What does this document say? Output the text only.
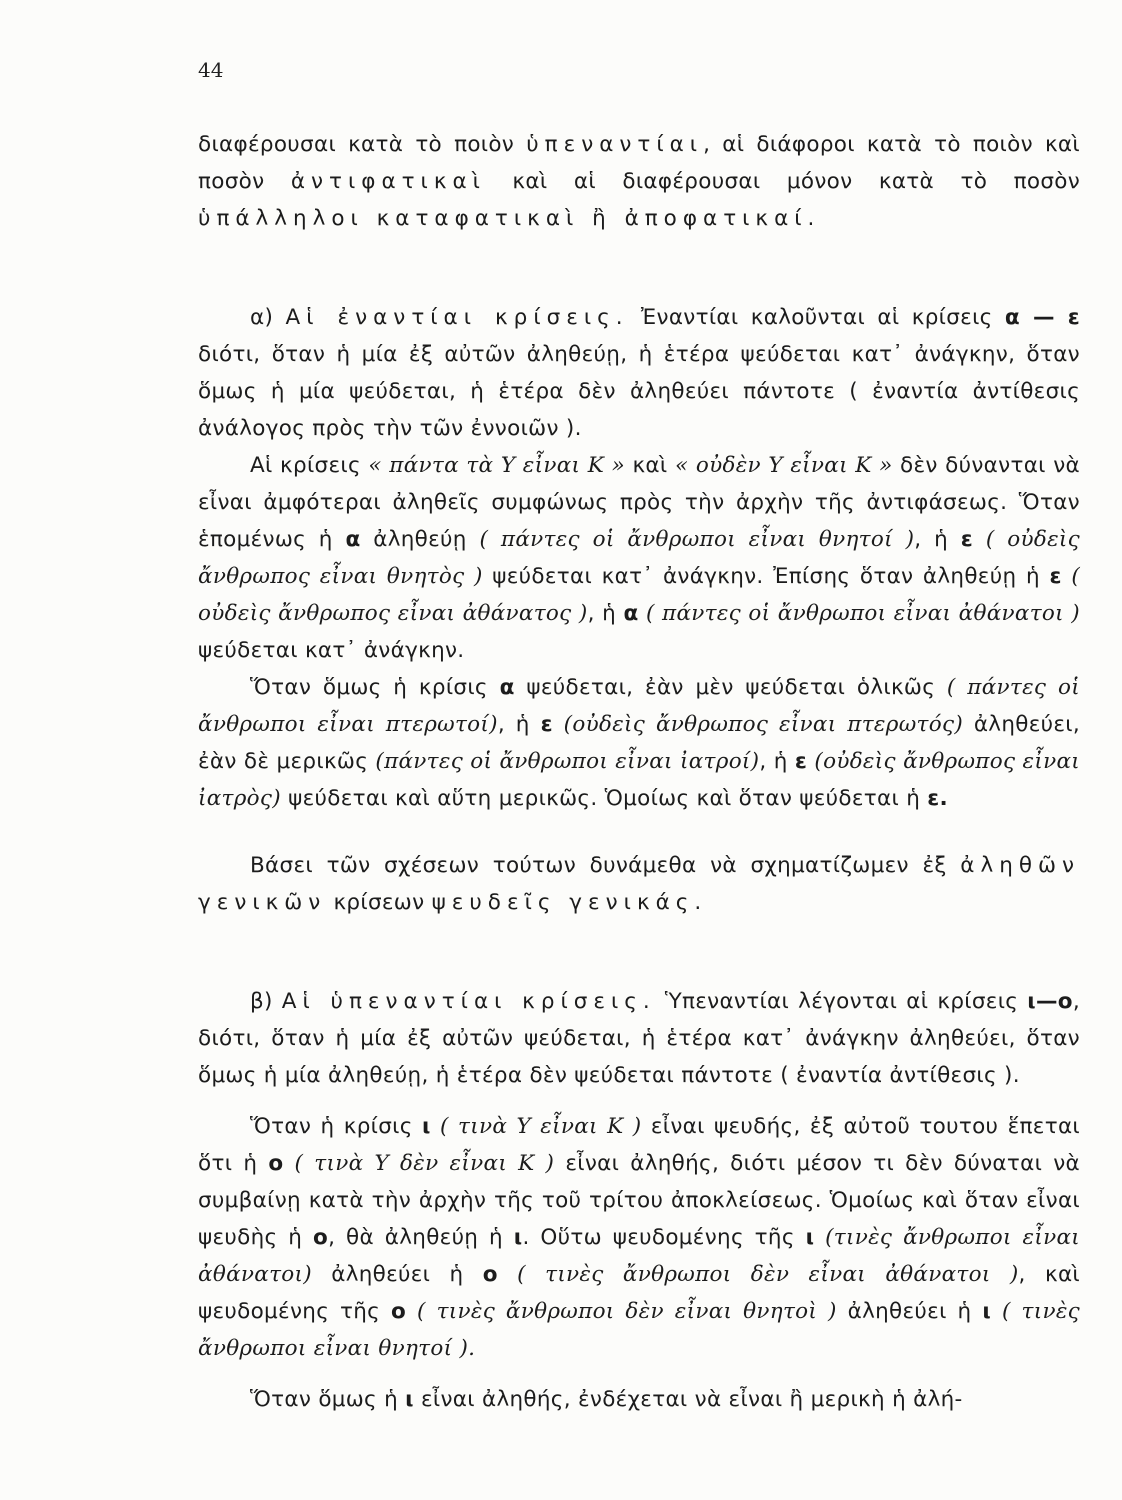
44

διαφέρουσαι κατὰ τὸ ποιὸν ὑπεναντίαι, αἱ διάφοροι κατὰ τὸ ποιὸν καὶ ποσὸν ἀντιφατικαὶ καὶ αἱ διαφέρουσαι μόνον κατὰ τὸ ποσὸν ὑπάλληλοι καταφατικαὶ ἢ ἀποφατικαί.

α) Αἱ ἐναντίαι κρίσεις. Ἐναντίαι καλοῦνται αἱ κρίσεις α — ε διότι, ὅταν ἡ μία ἐξ αὐτῶν ἀληθεύῃ, ἡ ἑτέρα ψεύδεται κατ᾽ ἀνάγκην, ὅταν ὅμως ἡ μία ψεύδεται, ἡ ἑτέρα δὲν ἀληθεύει πάντοτε ( ἐναντία ἀντίθεσις ἀνάλογος πρὸς τὴν τῶν ἐννοιῶν ).

Αἱ κρίσεις « πάντα τὰ Υ εἶναι Κ » καὶ « οὐδὲν Υ εἶναι Κ » δὲν δύνανται νὰ εἶναι ἀμφότεραι ἀληθεῖς συμφώνως πρὸς τὴν ἀρχὴν τῆς ἀντιφάσεως. Ὅταν ἑπομένως ἡ α ἀληθεύῃ ( πάντες οἱ ἄνθρωποι εἶναι θνητοί ), ἡ ε ( οὐδεὶς ἄνθρωπος εἶναι θνητὸς ) ψεύδεται κατ᾽ ἀνάγκην. Ἐπίσης ὅταν ἀληθεύῃ ἡ ε ( οὐδεὶς ἄνθρωπος εἶναι ἀθάνατος ), ἡ α ( πάντες οἱ ἄνθρωποι εἶναι ἀθάνατοι ) ψεύδεται κατ᾽ ἀνάγκην.

Ὅταν ὅμως ἡ κρίσις α ψεύδεται, ἐὰν μὲν ψεύδεται ὁλικῶς ( πάντες οἱ ἄνθρωποι εἶναι πτερωτοί), ἡ ε (οὐδεὶς ἄνθρωπος εἶναι πτερωτός) ἀληθεύει, ἐὰν δὲ μερικῶς (πάντες οἱ ἄνθρωποι εἶναι ἰατροί), ἡ ε (οὐδεὶς ἄνθρωπος εἶναι ἰατρὸς) ψεύδεται καὶ αὕτη μερικῶς. Ὁμοίως καὶ ὅταν ψεύδεται ἡ ε.

Βάσει τῶν σχέσεων τούτων δυνάμεθα νὰ σχηματίζωμεν ἐξ ἀληθῶν γενικῶν κρίσεων ψευδεῖς γενικάς.

β) Αἱ ὑπεναντίαι κρίσεις. Ὑπεναντίαι λέγονται αἱ κρίσεις ι—ο, διότι, ὅταν ἡ μία ἐξ αὐτῶν ψεύδεται, ἡ ἑτέρα κατ᾽ ἀνάγκην ἀληθεύει, ὅταν ὅμως ἡ μία ἀληθεύῃ, ἡ ἑτέρα δὲν ψεύδεται πάντοτε ( ἐναντία ἀντίθεσις ).

Ὅταν ἡ κρίσις ι ( τινὰ Υ εἶναι Κ ) εἶναι ψευδής, ἐξ αὐτοῦ τουτου ἕπεται ὅτι ἡ ο ( τινὰ Υ δὲν εἶναι Κ ) εἶναι ἀληθής, διότι μέσον τι δὲν δύναται νὰ συμβαίνῃ κατὰ τὴν ἀρχὴν τῆς τοῦ τρίτου ἀποκλείσεως. Ὁμοίως καὶ ὅταν εἶναι ψευδὴς ἡ ο, θὰ ἀληθεύῃ ἡ ι. Οὕτω ψευδομένης τῆς ι (τινὲς ἄνθρωποι εἶναι ἀθάνατοι) ἀληθεύει ἡ ο ( τινὲς ἄνθρωποι δὲν εἶναι ἀθάνατοι ), καὶ ψευδομένης τῆς ο ( τινὲς ἄνθρωποι δὲν εἶναι θνητοὶ ) ἀληθεύει ἡ ι ( τινὲς ἄνθρωποι εἶναι θνητοί ).

Ὅταν ὅμως ἡ ι εἶναι ἀληθής, ἐνδέχεται νὰ εἶναι ἢ μερικὴ ἡ ἀλή-
